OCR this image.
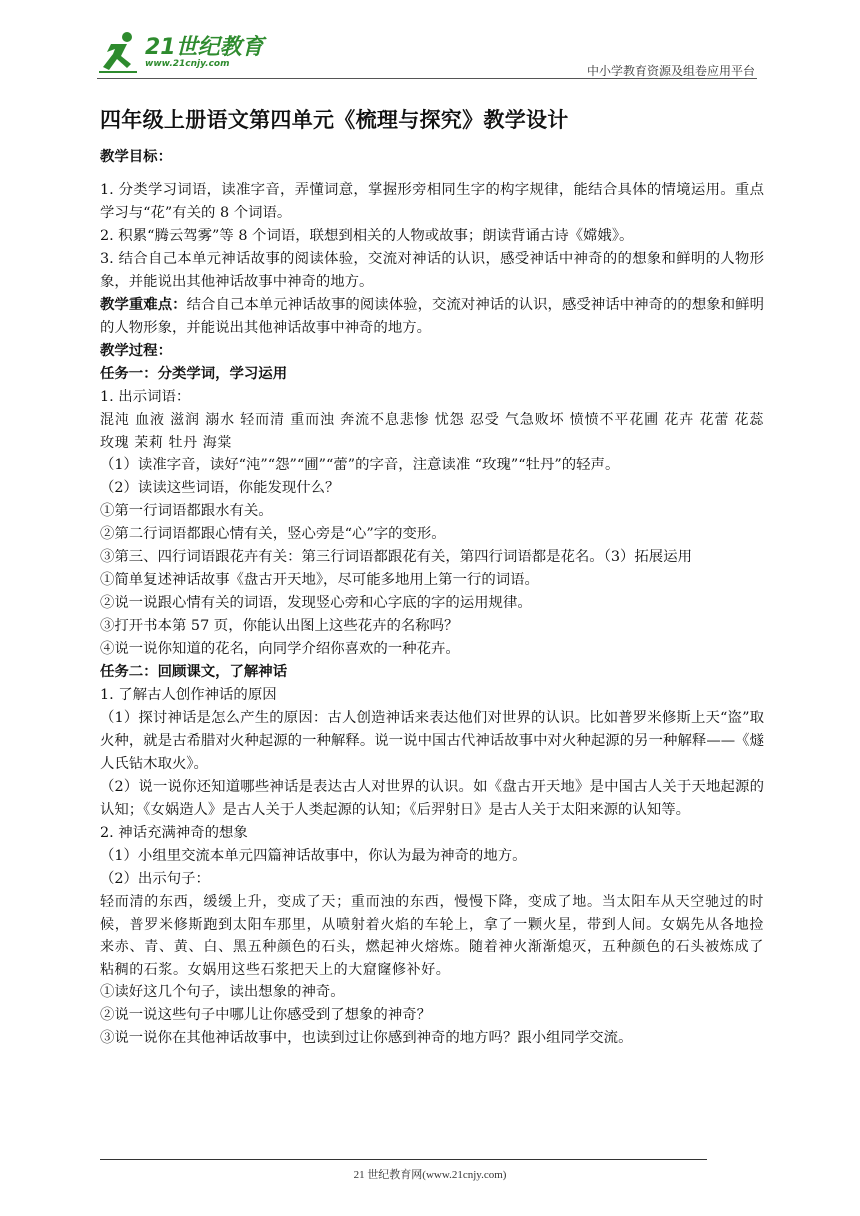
21世纪教育
www.21cnjy.com	中小学教育资源及组卷应用平台
四年级上册语文第四单元《梳理与探究》教学设计

教学目标：

1. 分类学习词语，读准字音，弄懂词意，掌握形旁相同生字的构字规律，能结合具体的情境运用。重点学习与“花”有关的 8 个词语。

2. 积累“腾云驾雾”等 8 个词语，联想到相关的人物或故事；朗读背诵古诗《嫦娥》。

3. 结合自己本单元神话故事的阅读体验，交流对神话的认识，感受神话中神奇的的想象和鲜明的人物形象，并能说出其他神话故事中神奇的地方。

教学重难点：结合自己本单元神话故事的阅读体验，交流对神话的认识，感受神话中神奇的的想象和鲜明的人物形象，并能说出其他神话故事中神奇的地方。

教学过程：

任务一：分类学词，学习运用

1. 出示词语：

混沌 血液 滋润 溺水 轻而清 重而浊 奔流不息悲惨 忧怨 忍受 气急败坏 愤愤不平花圃 花卉 花蕾 花蕊玫瑰 茉莉 牡丹 海棠

（1）读准字音，读好“沌”“怨”“圃”“蕾”的字音，注意读准 “玫瑰”“牡丹”的轻声。

（2）读读这些词语，你能发现什么？

①第一行词语都跟水有关。

②第二行词语都跟心情有关，竖心旁是“心”字的变形。

③第三、四行词语跟花卉有关：第三行词语都跟花有关，第四行词语都是花名。（3）拓展运用

①简单复述神话故事《盘古开天地》，尽可能多地用上第一行的词语。

②说一说跟心情有关的词语，发现竖心旁和心字底的字的运用规律。

③打开书本第 57 页，你能认出图上这些花卉的名称吗？

④说一说你知道的花名，向同学介绍你喜欢的一种花卉。

任务二：回顾课文，了解神话

1. 了解古人创作神话的原因

（1）探讨神话是怎么产生的原因：古人创造神话来表达他们对世界的认识。比如普罗米修斯上天“盗”取火种，就是古希腊对火种起源的一种解释。说一说中国古代神话故事中对火种起源的另一种解释——《燧人氏钻木取火》。

（2）说一说你还知道哪些神话是表达古人对世界的认识。如《盘古开天地》是中国古人关于天地起源的认知；《女娲造人》是古人关于人类起源的认知；《后羿射日》是古人关于太阳来源的认知等。

2. 神话充满神奇的想象

（1）小组里交流本单元四篇神话故事中，你认为最为神奇的地方。

（2）出示句子：

轻而清的东西，缓缓上升，变成了天；重而浊的东西，慢慢下降，变成了地。当太阳车从天空驰过的时候，普罗米修斯跑到太阳车那里，从喷射着火焰的车轮上，拿了一颗火星，带到人间。女娲先从各地捡来赤、青、黄、白、黑五种颜色的石头，燃起神火熔炼。随着神火渐渐熄灭，五种颜色的石头被炼成了粘稠的石浆。女娲用这些石浆把天上的大窟窿修补好。

①读好这几个句子，读出想象的神奇。

②说一说这些句子中哪儿让你感受到了想象的神奇？

③说一说你在其他神话故事中，也读到过让你感到神奇的地方吗？跟小组同学交流。

21 世纪教育网(www.21cnjy.com)
